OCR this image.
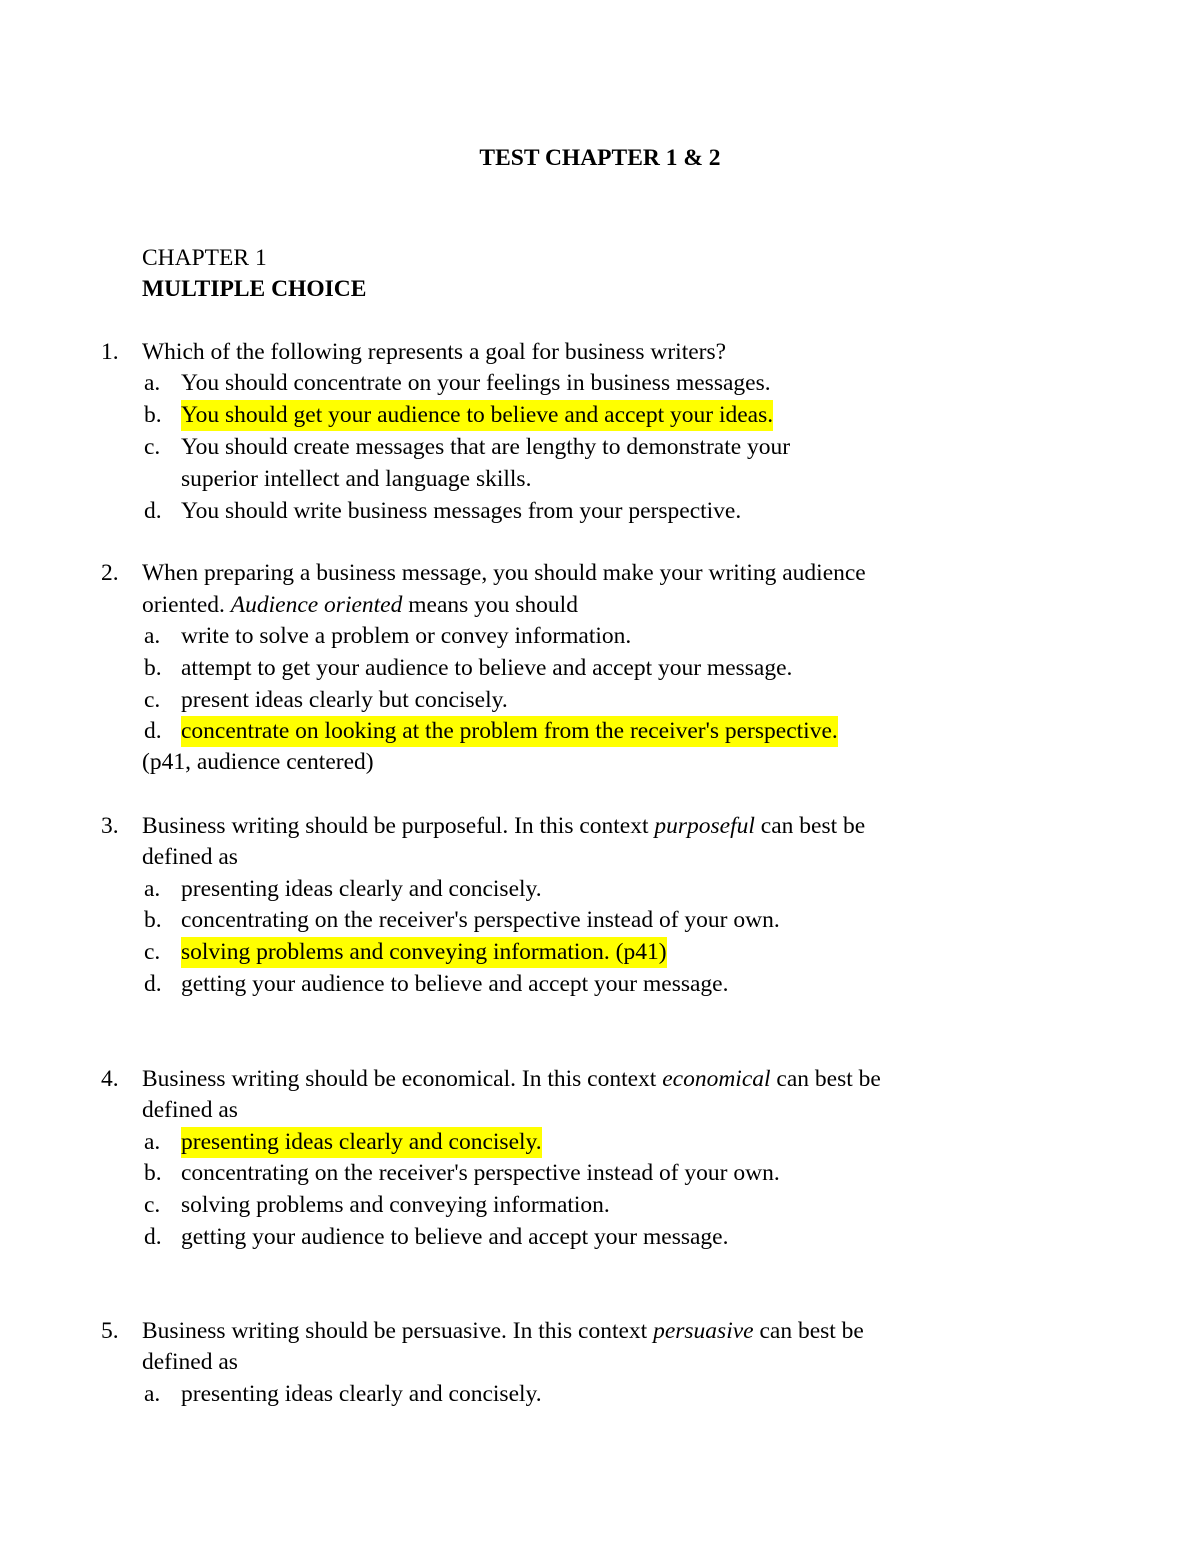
TEST CHAPTER 1 & 2
CHAPTER 1
MULTIPLE CHOICE
1. Which of the following represents a goal for business writers?
a. You should concentrate on your feelings in business messages.
b. You should get your audience to believe and accept your ideas.
c. You should create messages that are lengthy to demonstrate your
superior intellect and language skills.
d. You should write business messages from your perspective.
2. When preparing a business message, you should make your writing audience
oriented. Audience oriented means you should
a. write to solve a problem or convey information.
b. attempt to get your audience to believe and accept your message.
c. present ideas clearly but concisely.
d. concentrate on looking at the problem from the receiver's perspective.
(p41, audience centered)
3. Business writing should be purposeful. In this context purposeful can best be
defined as
a. presenting ideas clearly and concisely.
b. concentrating on the receiver's perspective instead of your own.
c. solving problems and conveying information. (p41)
d. getting your audience to believe and accept your message.
4. Business writing should be economical. In this context economical can best be
defined as
a. presenting ideas clearly and concisely.
b. concentrating on the receiver's perspective instead of your own.
c. solving problems and conveying information.
d. getting your audience to believe and accept your message.
5. Business writing should be persuasive. In this context persuasive can best be
defined as
a. presenting ideas clearly and concisely.
